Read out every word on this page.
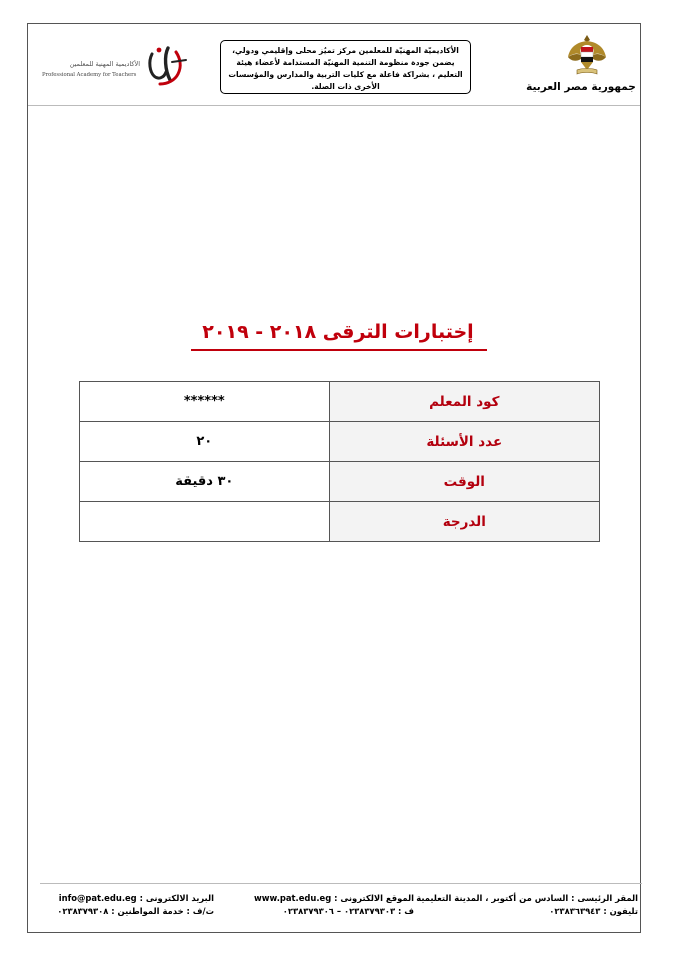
جمهورية مصر العربية
الأكاديميّة المهنيّة للمعلمين مركز تميُز محلى وإقليمي ودولي، يضمن جودة منظومة التنمية المهنيّة المستدامة لأعضاء هيئة التعليم ، بشراكة فاعلة مع كليات التربية والمدارس والمؤسسات الأخرى ذات الصلة.
الأكاديمية المهنية للمعلمين
Professional Academy for Teachers
إختبارات الترقى ٢٠١٨ - ٢٠١٩
كود المعلم	******
عدد الأسئلة	٢٠
الوقت	٣٠ دقيقة
الدرجة	
المقر الرئيسى : السادس من أكتوبر ، المدينة التعليمية
تليفون : ٠٢٣٨٣٦٣٩٤٣
الموقع الالكترونى : www.pat.edu.eg
ف : ٠٢٣٨٣٧٩٣٠٣ – ٠٢٣٨٣٧٩٣٠٦
البريد الالكترونى : info@pat.edu.eg
ت/ف : خدمة المواطنين : ٠٢٣٨٣٧٩٣٠٨
